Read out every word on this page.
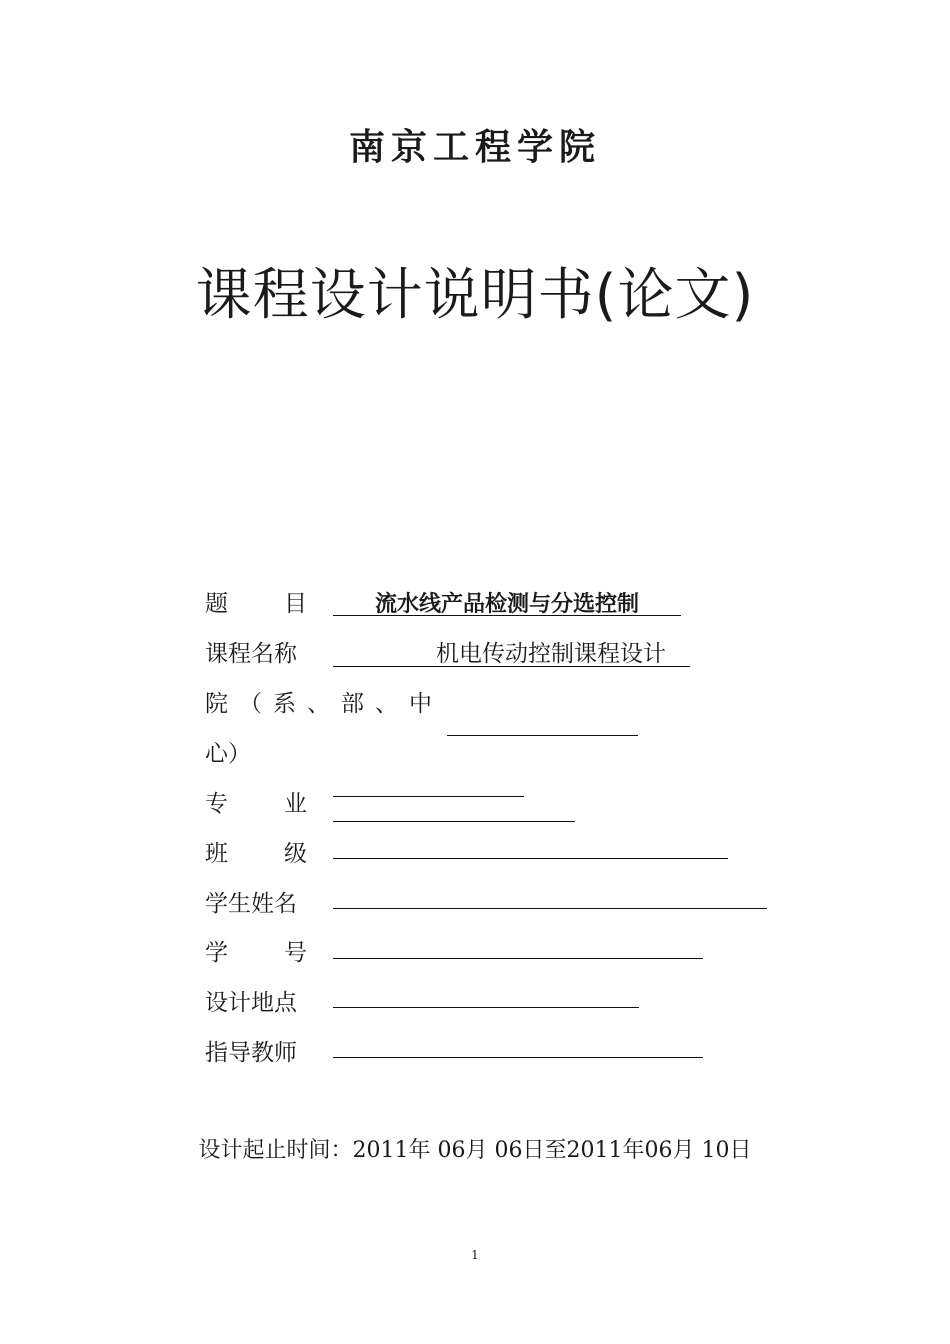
南京工程学院
课程设计说明书(论文)
题目 流水线产品检测与分选控制
课程名称	机电传动控制课程设计
院（系、部、中
心）
专业
班级
学生姓名
学号
设计地点
指导教师
设计起止时间：2011年 06月 06日至2011年06月 10日
1
